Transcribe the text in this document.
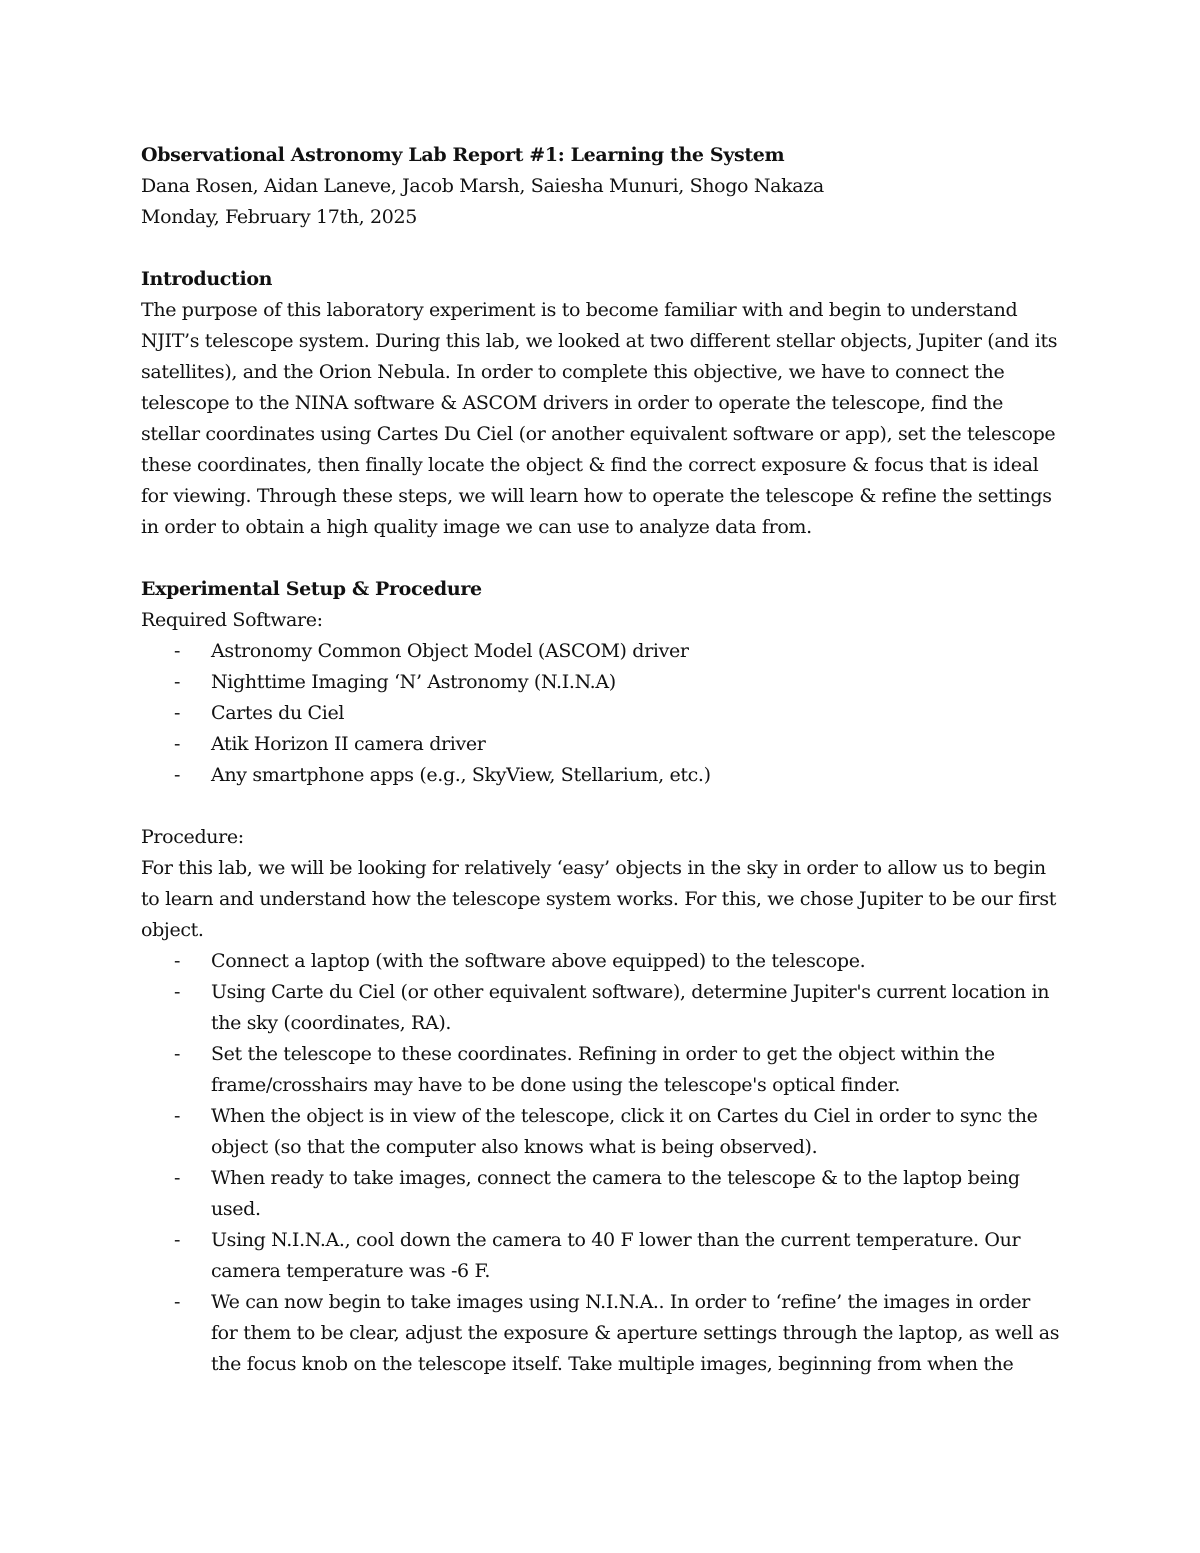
Observational Astronomy Lab Report #1: Learning the System

Dana Rosen, Aidan Laneve, Jacob Marsh, Saiesha Munuri, Shogo Nakaza

Monday, February 17th, 2025

Introduction

The purpose of this laboratory experiment is to become familiar with and begin to understand NJIT’s telescope system. During this lab, we looked at two different stellar objects, Jupiter (and its satellites), and the Orion Nebula. In order to complete this objective, we have to connect the telescope to the NINA software & ASCOM drivers in order to operate the telescope, find the stellar coordinates using Cartes Du Ciel (or another equivalent software or app), set the telescope these coordinates, then finally locate the object & find the correct exposure & focus that is ideal for viewing. Through these steps, we will learn how to operate the telescope & refine the settings in order to obtain a high quality image we can use to analyze data from.

Experimental Setup & Procedure

Required Software:

- Astronomy Common Object Model (ASCOM) driver
- Nighttime Imaging ‘N’ Astronomy (N.I.N.A)
- Cartes du Ciel
- Atik Horizon II camera driver
- Any smartphone apps (e.g., SkyView, Stellarium, etc.)

Procedure:

For this lab, we will be looking for relatively ‘easy’ objects in the sky in order to allow us to begin to learn and understand how the telescope system works. For this, we chose Jupiter to be our first object.

- Connect a laptop (with the software above equipped) to the telescope.
- Using Carte du Ciel (or other equivalent software), determine Jupiter's current location in the sky (coordinates, RA).
- Set the telescope to these coordinates. Refining in order to get the object within the frame/crosshairs may have to be done using the telescope's optical finder.
- When the object is in view of the telescope, click it on Cartes du Ciel in order to sync the object (so that the computer also knows what is being observed).
- When ready to take images, connect the camera to the telescope & to the laptop being used.
- Using N.I.N.A., cool down the camera to 40 F lower than the current temperature. Our camera temperature was -6 F.
- We can now begin to take images using N.I.N.A.. In order to ‘refine’ the images in order for them to be clear, adjust the exposure & aperture settings through the laptop, as well as the focus knob on the telescope itself. Take multiple images, beginning from when the
